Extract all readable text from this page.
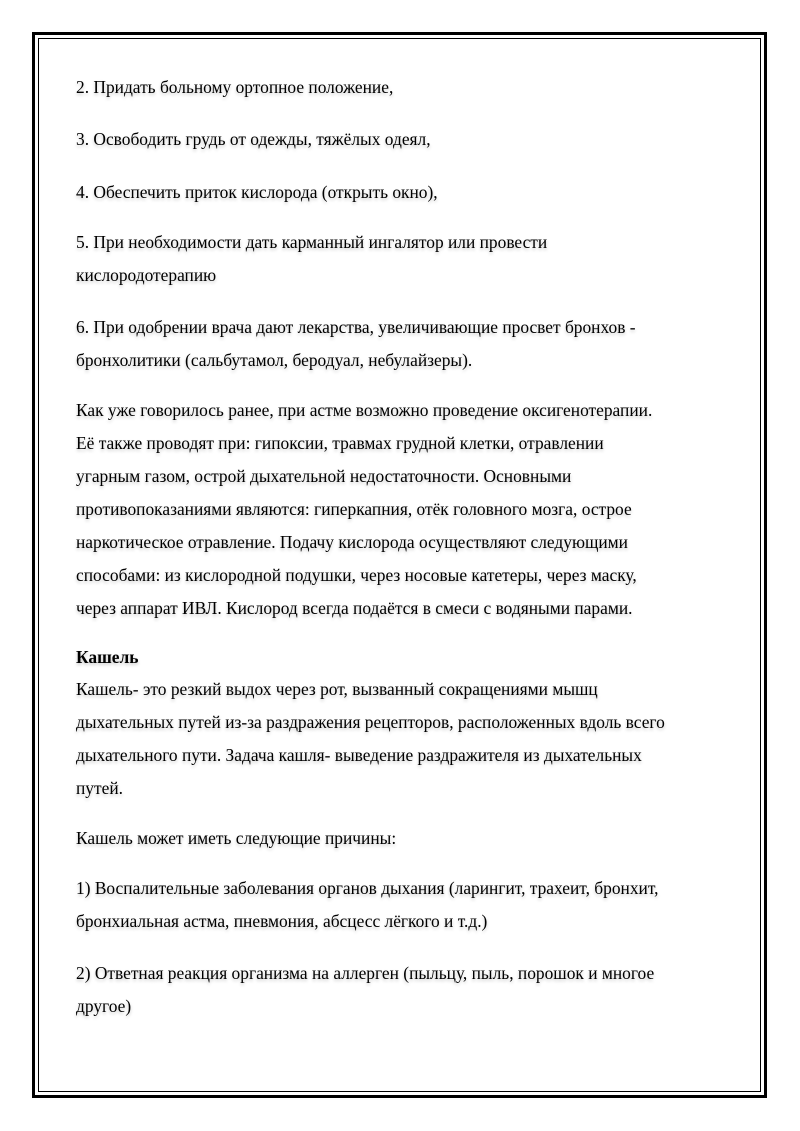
2. Придать больному ортопное положение,

3. Освободить грудь от одежды, тяжёлых одеял,

4. Обеспечить приток кислорода (открыть окно),

5. При необходимости дать карманный ингалятор или провести
кислородотерапию

6. При одобрении врача дают лекарства, увеличивающие просвет бронхов -
бронхолитики (сальбутамол, беродуал, небулайзеры).

Как уже говорилось ранее, при астме возможно проведение оксигенотерапии.
Её также проводят при: гипоксии, травмах грудной клетки, отравлении
угарным газом, острой дыхательной недостаточности. Основными
противопоказаниями являются: гиперкапния, отёк головного мозга, острое
наркотическое отравление. Подачу кислорода осуществляют следующими
способами: из кислородной подушки, через носовые катетеры, через маску,
через аппарат ИВЛ. Кислород всегда подаётся в смеси с водяными парами.

Кашель

Кашель- это резкий выдох через рот, вызванный сокращениями мышц
дыхательных путей из-за раздражения рецепторов, расположенных вдоль всего
дыхательного пути. Задача кашля- выведение раздражителя из дыхательных
путей.

Кашель может иметь следующие причины:

1) Воспалительные заболевания органов дыхания (ларингит, трахеит, бронхит,
бронхиальная астма, пневмония, абсцесс лёгкого и т.д.)

2) Ответная реакция организма на аллерген (пыльцу, пыль, порошок и многое
другое)
